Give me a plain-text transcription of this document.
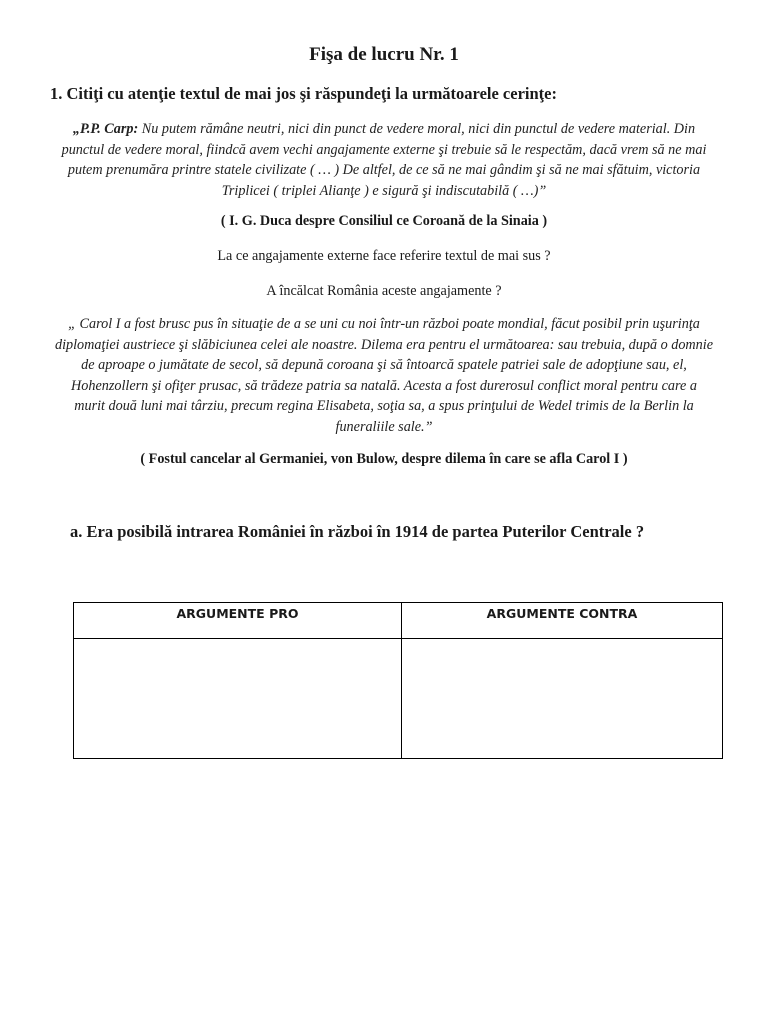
Fişa de lucru Nr. 1

1. Citiţi cu atenţie textul de mai jos şi răspundeţi la următoarele cerinţe:

„P.P. Carp: Nu putem rămâne neutri, nici din punct de vedere moral, nici din punctul de vedere material. Din
punctul de vedere moral, fiindcă avem vechi angajamente externe şi trebuie să le respectăm, dacă vrem să ne mai
putem prenumăra printre statele civilizate ( … ) De altfel, de ce să ne mai gândim şi să ne mai sfătuim, victoria
Triplicei ( triplei Alianţe ) e sigură şi indiscutabilă ( …)”

( I. G. Duca despre Consiliul ce Coroană de la Sinaia )

La ce angajamente externe face referire textul de mai sus ?

A încălcat România aceste angajamente ?

„ Carol I a fost brusc pus în situaţie de a se uni cu noi într-un război poate mondial, făcut posibil prin uşurinţa
diplomaţiei austriece şi slăbiciunea celei ale noastre. Dilema era pentru el următoarea: sau trebuia, după o domnie
de aproape o jumătate de secol, să depună coroana şi să întoarcă spatele patriei sale de adopţiune sau, el,
Hohenzollern şi ofiţer prusac, să trădeze patria sa natală. Acesta a fost durerosul conflict moral pentru care a
murit două luni mai târziu, precum regina Elisabeta, soţia sa, a spus prinţului de Wedel trimis de la Berlin la
funeraliile sale.”

( Fostul cancelar al Germaniei, von Bulow, despre dilema în care se afla Carol I )

a. Era posibilă intrarea României în război în 1914 de partea Puterilor Centrale ?

ARGUMENTE PRO	ARGUMENTE CONTRA
